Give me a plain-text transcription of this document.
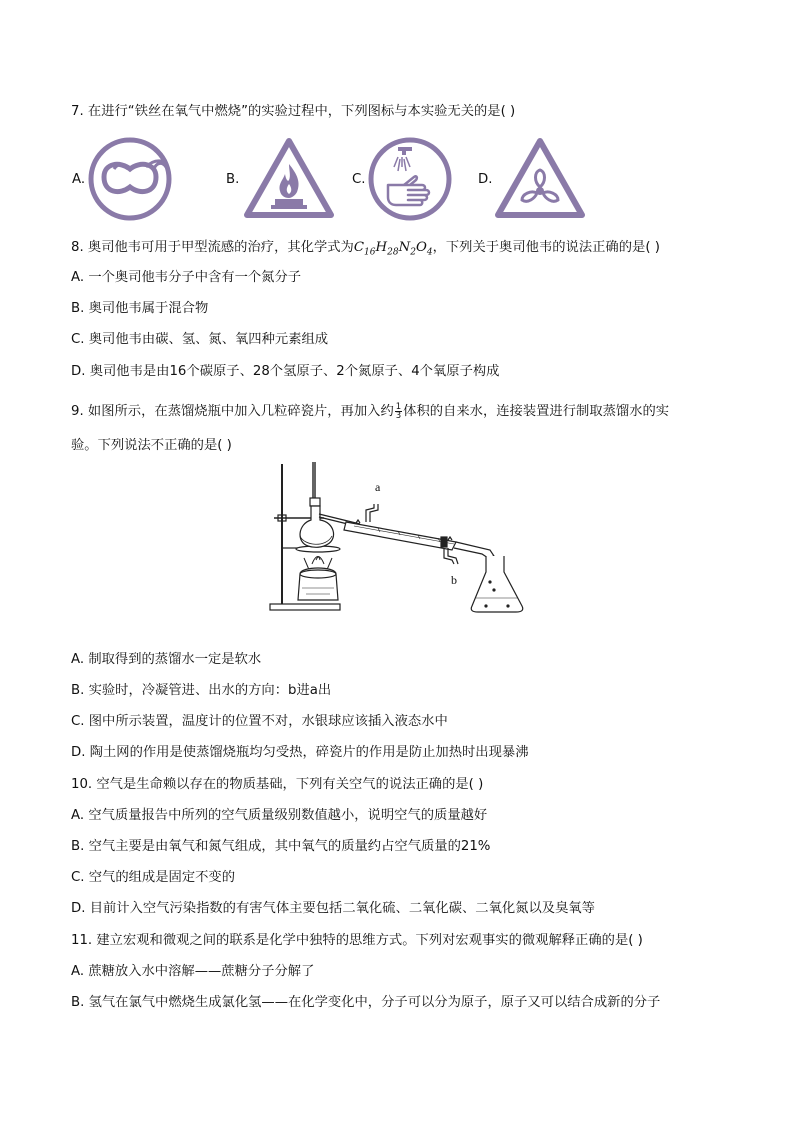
7. 在进行“铁丝在氧气中燃烧”的实验过程中，下列图标与本实验无关的是( )
A.	B.	C.	D.
8. 奥司他韦可用于甲型流感的治疗，其化学式为$C_{16}H_{28}N_2O_4$，下列关于奥司他韦的说法正确的是( )
A. 一个奥司他韦分子中含有一个氮分子
B. 奥司他韦属于混合物
C. 奥司他韦由碳、氢、氮、氧四种元素组成
D. 奥司他韦是由16个碳原子、28个氢原子、2个氮原子、4个氧原子构成
9. 如图所示，在蒸馏烧瓶中加入几粒碎瓷片，再加入约 $\frac{1}{3}$ 体积的自来水，连接装置进行制取蒸馏水的实
验。下列说法不正确的是( )
a
b
A. 制取得到的蒸馏水一定是软水
B. 实验时，冷凝管进、出水的方向：b进a出
C. 图中所示装置，温度计的位置不对，水银球应该插入液态水中
D. 陶土网的作用是使蒸馏烧瓶均匀受热，碎瓷片的作用是防止加热时出现暴沸
10. 空气是生命赖以存在的物质基础，下列有关空气的说法正确的是( )
A. 空气质量报告中所列的空气质量级别数值越小，说明空气的质量越好
B. 空气主要是由氧气和氮气组成，其中氧气的质量约占空气质量的21%
C. 空气的组成是固定不变的
D. 目前计入空气污染指数的有害气体主要包括二氧化硫、二氧化碳、二氧化氮以及臭氧等
11. 建立宏观和微观之间的联系是化学中独特的思维方式。下列对宏观事实的微观解释正确的是( )
A. 蔗糖放入水中溶解——蔗糖分子分解了
B. 氢气在氯气中燃烧生成氯化氢——在化学变化中，分子可以分为原子，原子又可以结合成新的分子
